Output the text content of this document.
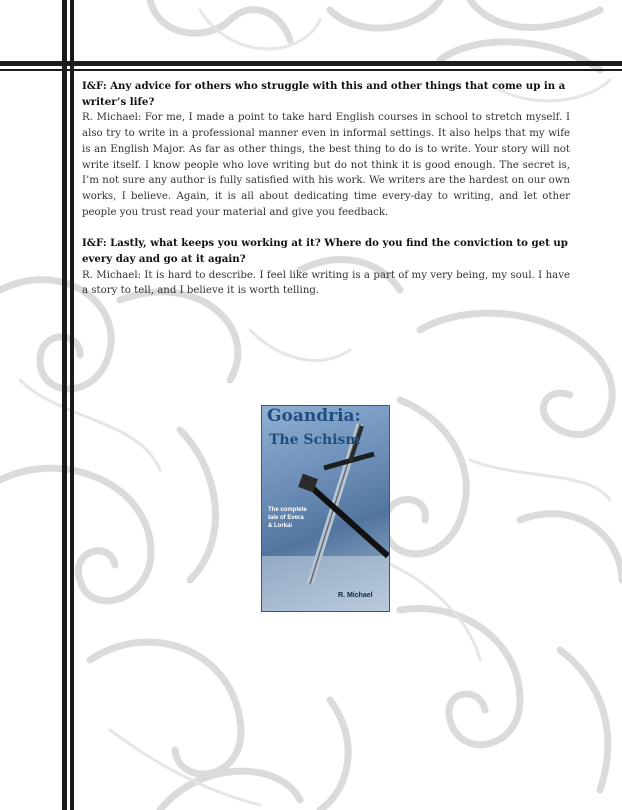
I&F: Any advice for others who struggle with this and other things that come up in a writer’s life?

R. Michael: For me, I made a point to take hard English courses in school to stretch myself. I also try to write in a professional manner even in informal settings. It also helps that my wife is an English Major. As far as other things, the best thing to do is to write. Your story will not write itself. I know people who love writing but do not think it is good enough. The secret is, I’m not sure any author is fully satisfied with his work. We writers are the hardest on our own works, I believe. Again, it is all about dedicating time every-day to writing, and let other people you trust read your material and give you feedback.

I&F: Lastly, what keeps you working at it? Where do you find the conviction to get up every day and go at it again?

R. Michael: It is hard to describe. I feel like writing is a part of my very being, my soul. I have a story to tell, and I believe it is worth telling.

Goandria:
The Schism
The complete tale of Evera & Lorkai
R. Michael
